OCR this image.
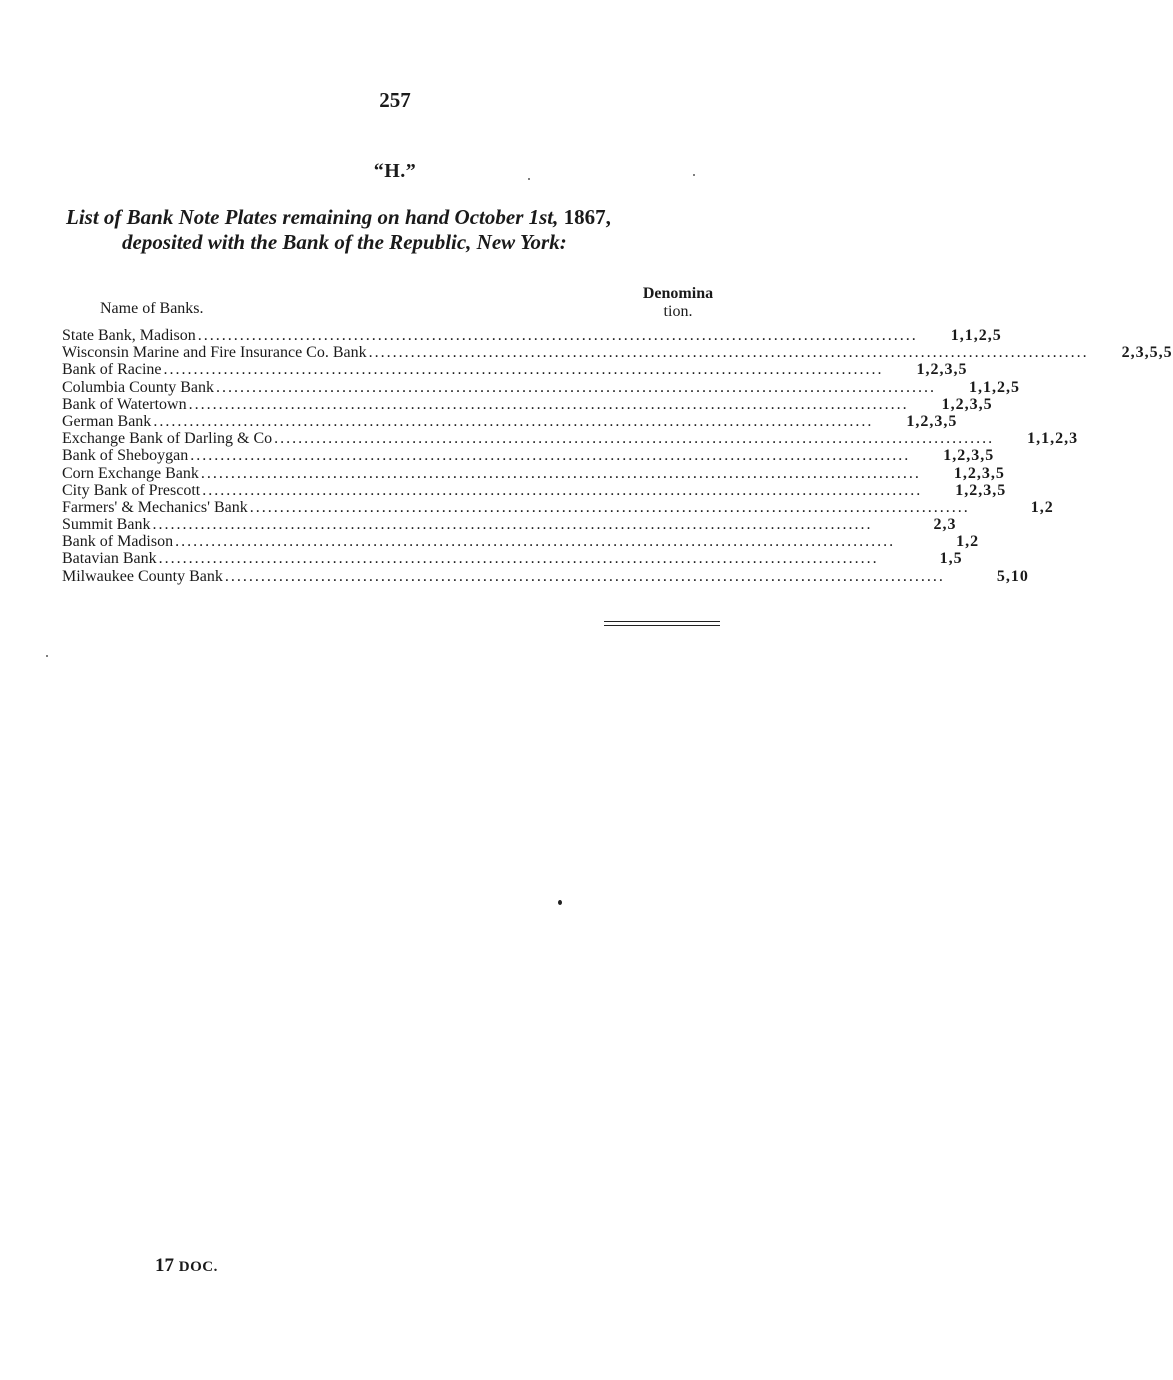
257
“H.”
List of Bank Note Plates remaining on hand October 1st, 1867,
deposited with the Bank of the Republic, New York:
Name of Banks.
Denomina
tion.
State Bank, Madison ........................................................................................................................	1,1,2,5
Wisconsin Marine and Fire Insurance Co. Bank ........................................................................................................................	2,3,5,5
Bank of Racine ........................................................................................................................	1,2,3,5
Columbia County Bank ........................................................................................................................	1,1,2,5
Bank of Watertown ........................................................................................................................	1,2,3,5
German Bank ........................................................................................................................	1,2,3,5
Exchange Bank of Darling & Co ........................................................................................................................	1,1,2,3
Bank of Sheboygan ........................................................................................................................	1,2,3,5
Corn Exchange Bank ........................................................................................................................	1,2,3,5
City Bank of Prescott ........................................................................................................................	1,2,3,5
Farmers' & Mechanics' Bank ........................................................................................................................	1,2
Summit Bank ........................................................................................................................	2,3
Bank of Madison ........................................................................................................................	1,2
Batavian Bank ........................................................................................................................	1,5
Milwaukee County Bank ........................................................................................................................	5,10
17 DOC.
